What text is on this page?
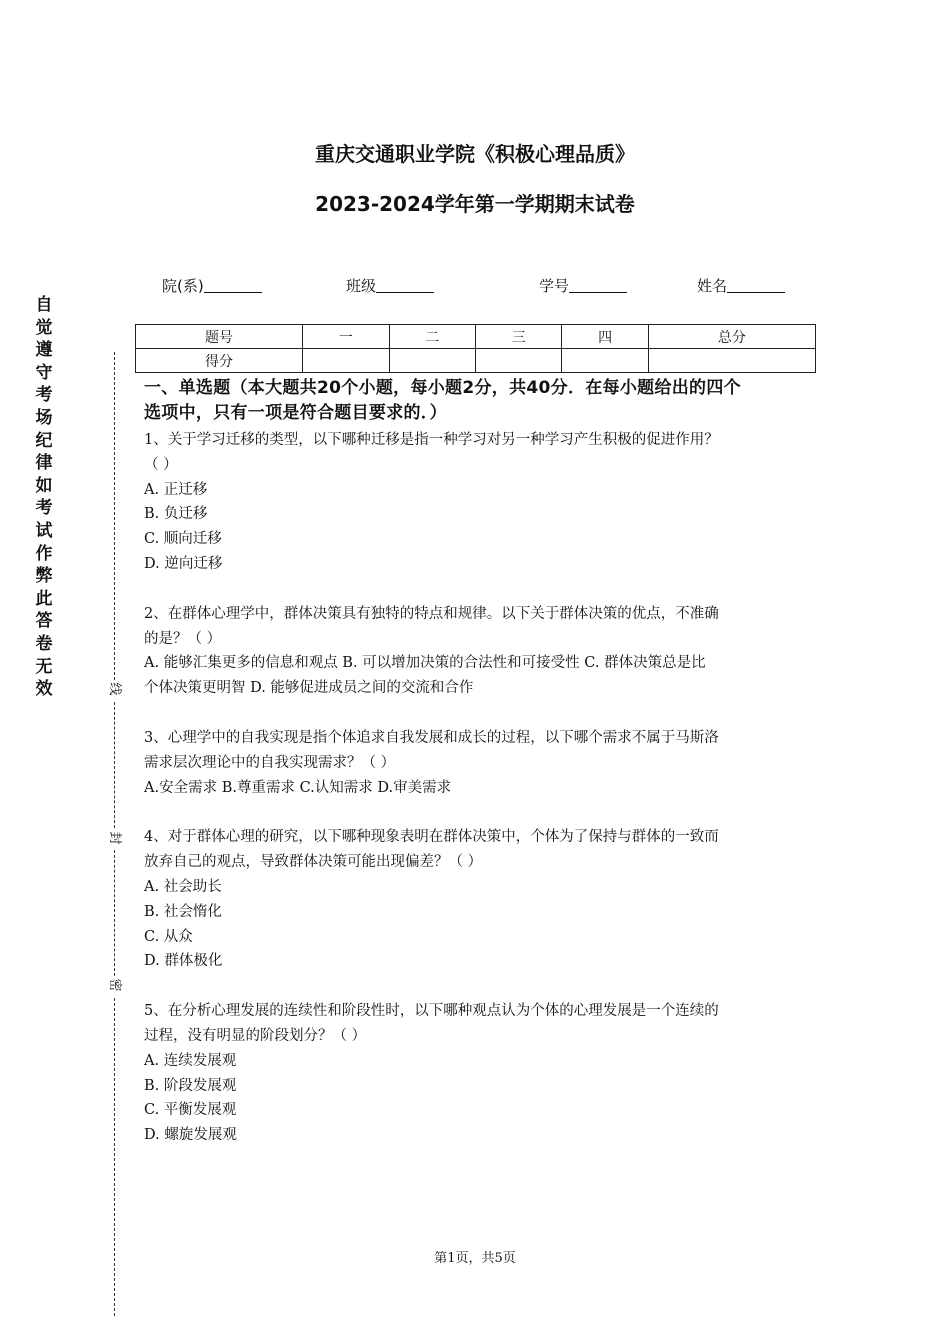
重庆交通职业学院《积极心理品质》
2023-2024学年第一学期期末试卷
院(系)	班级	学号	姓名
题号	一	二	三	四	总分
得分					
自
觉
遵
守
考
场
纪
律
如
考
试
作
弊
此
答
卷
无
效	线
封
密
一、单选题（本大题共20个小题，每小题2分，共40分．在每小题给出的四个
选项中，只有一项是符合题目要求的．）

1、关于学习迁移的类型，以下哪种迁移是指一种学习对另一种学习产生积极的促进作用？

（ ）

A. 正迁移

B. 负迁移

C. 顺向迁移

D. 逆向迁移

2、在群体心理学中，群体决策具有独特的特点和规律。以下关于群体决策的优点，不准确

的是？（ ）

A. 能够汇集更多的信息和观点 B. 可以增加决策的合法性和可接受性 C. 群体决策总是比

个体决策更明智 D. 能够促进成员之间的交流和合作

3、心理学中的自我实现是指个体追求自我发展和成长的过程，以下哪个需求不属于马斯洛

需求层次理论中的自我实现需求？（ ）

A.安全需求 B.尊重需求 C.认知需求 D.审美需求

4、对于群体心理的研究，以下哪种现象表明在群体决策中，个体为了保持与群体的一致而

放弃自己的观点，导致群体决策可能出现偏差？（ ）

A. 社会助长

B. 社会惰化

C. 从众

D. 群体极化

5、在分析心理发展的连续性和阶段性时，以下哪种观点认为个体的心理发展是一个连续的

过程，没有明显的阶段划分？（ ）

A. 连续发展观

B. 阶段发展观

C. 平衡发展观

D. 螺旋发展观

第1页，共5页
